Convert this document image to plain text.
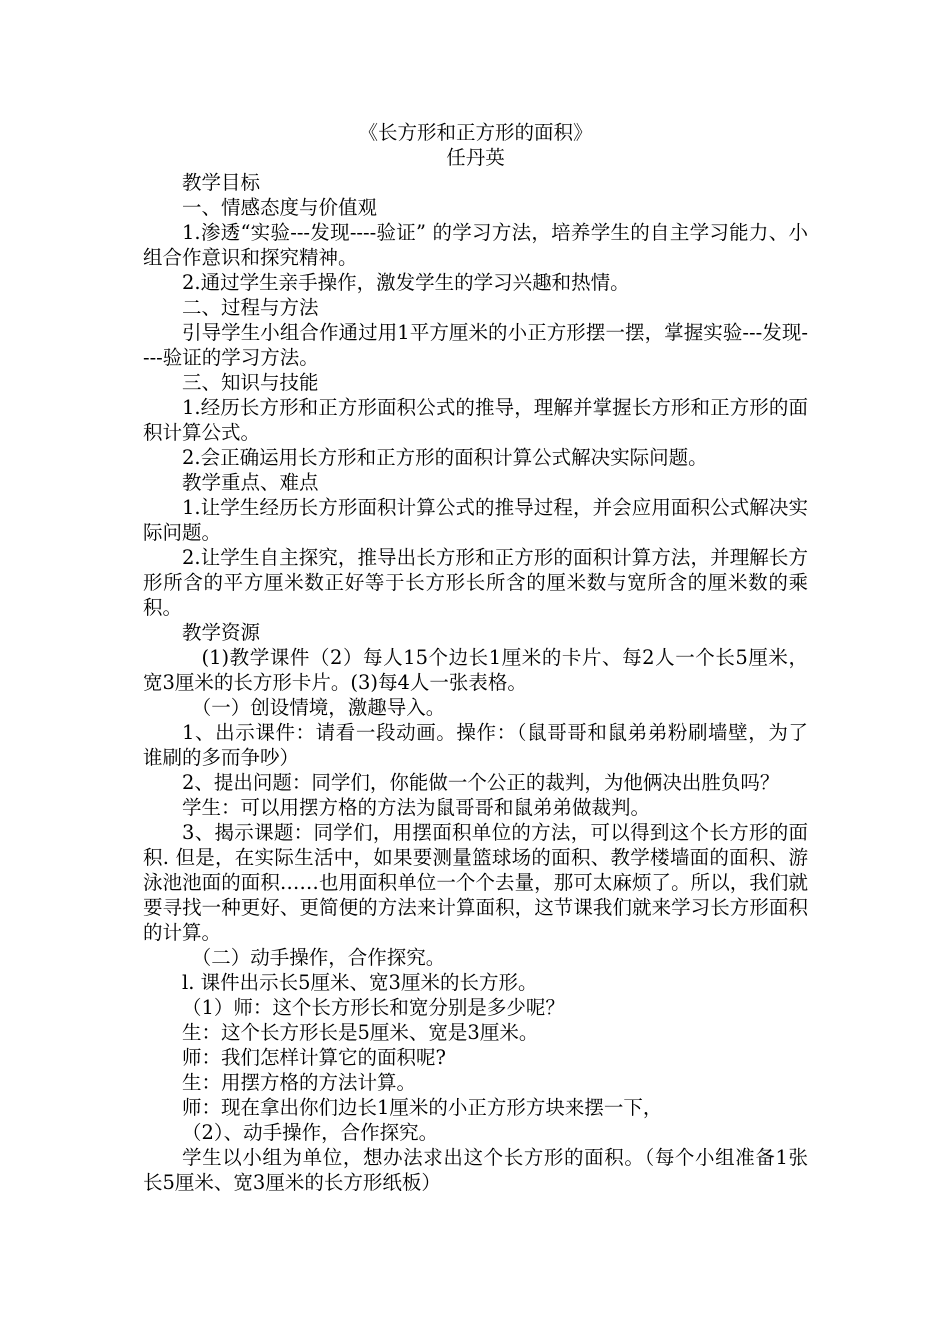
《长方形和正方形的面积》
任丹英

教学目标

一、情感态度与价值观

1.渗透“实验---发现----验证” 的学习方法，培养学生的自主学习能力、小组合作意识和探究精神。

2.通过学生亲手操作，激发学生的学习兴趣和热情。

二、过程与方法

引导学生小组合作通过用1平方厘米的小正方形摆一摆，掌握实验---发现----验证的学习方法。

三、知识与技能

1.经历长方形和正方形面积公式的推导，理解并掌握长方形和正方形的面积计算公式。

2.会正确运用长方形和正方形的面积计算公式解决实际问题。

教学重点、难点

1.让学生经历长方形面积计算公式的推导过程，并会应用面积公式解决实际问题。

2.让学生自主探究，推导出长方形和正方形的面积计算方法，并理解长方形所含的平方厘米数正好等于长方形长所含的厘米数与宽所含的厘米数的乘积。

教学资源

(1)教学课件（2）每人15个边长1厘米的卡片、每2人一个长5厘米，宽3厘米的长方形卡片。(3)每4人一张表格。

（一）创设情境，激趣导入。

1、出示课件：请看一段动画。操作：（鼠哥哥和鼠弟弟粉刷墙壁，为了谁刷的多而争吵）

2、提出问题：同学们，你能做一个公正的裁判，为他俩决出胜负吗？

学生：可以用摆方格的方法为鼠哥哥和鼠弟弟做裁判。

3、揭示课题：同学们，用摆面积单位的方法，可以得到这个长方形的面积. 但是，在实际生活中，如果要测量篮球场的面积、教学楼墙面的面积、游泳池池面的面积……也用面积单位一个个去量，那可太麻烦了。所以，我们就要寻找一种更好、更简便的方法来计算面积，这节课我们就来学习长方形面积的计算。

（二）动手操作，合作探究。

l. 课件出示长5厘米、宽3厘米的长方形。

（1）师：这个长方形长和宽分别是多少呢？

生：这个长方形长是5厘米、宽是3厘米。

师：我们怎样计算它的面积呢?

生：用摆方格的方法计算。

师：现在拿出你们边长1厘米的小正方形方块来摆一下，

（2）、动手操作，合作探究。

学生以小组为单位，想办法求出这个长方形的面积。（每个小组准备1张长5厘米、宽3厘米的长方形纸板）
